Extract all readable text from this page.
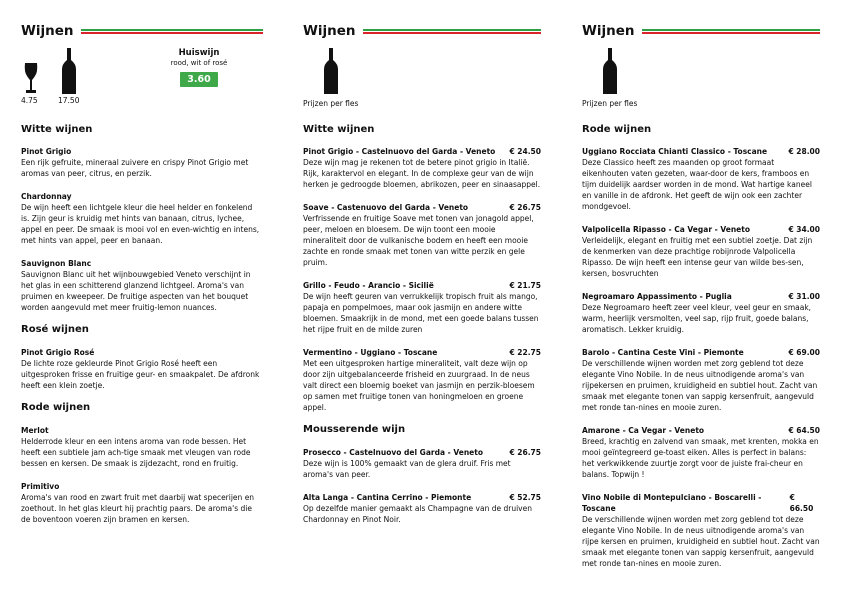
Wijnen
4.75	17.50
Huiswijn
rood, wit of rosé
3.60
Witte wijnen
Pinot Grigio
Een rijk gefruite, mineraal zuivere en crispy Pinot Grigio met aromas van peer, citrus, en perzik.
Chardonnay
De wijn heeft een lichtgele kleur die heel helder en fonkelend is. Zijn geur is kruidig met hints van banaan, citrus, lychee, appel en peer. De smaak is mooi vol en even-wichtig en intens, met hints van appel, peer en banaan.
Sauvignon Blanc
Sauvignon Blanc uit het wijnbouwgebied Veneto verschijnt in het glas in een schitterend glanzend lichtgeel. Aroma's van pruimen en kweepeer. De fruitige aspecten van het bouquet worden aangevuld met meer fruitig-lemon nuances.
Rosé wijnen
Pinot Grigio Rosé
De lichte roze gekleurde Pinot Grigio Rosé heeft een uitgesproken frisse en fruitige geur- en smaakpalet. De afdronk heeft een klein zoetje.
Rode wijnen
Merlot
Helderrode kleur en een intens aroma van rode bessen. Het heeft een subtiele jam ach-tige smaak met vleugen van rode bessen en kersen. De smaak is zijdezacht, rond en fruitig.
Primitivo
Aroma's van rood en zwart fruit met daarbij wat specerijen en zoethout. In het glas kleurt hij prachtig paars. De aroma's die de boventoon voeren zijn bramen en kersen.
Wijnen
Prijzen per fles
Witte wijnen
Pinot Grigio - Castelnuovo del Garda - Veneto € 24.50
Deze wijn mag je rekenen tot de betere pinot grigio in Italië. Rijk, karaktervol en elegant. In de complexe geur van de wijn herken je gedroogde bloemen, abrikozen, peer en sinaasappel.
Soave - Castenuovo del Garda - Veneto	€ 26.75
Verfrissende en fruitige Soave met tonen van jonagold appel, peer, meloen en bloesem. De wijn toont een mooie mineraliteit door de vulkanische bodem en heeft een mooie zachte en ronde smaak met tonen van witte perzik en gele pruim.
Grillo - Feudo - Arancio - Sicilië	€ 21.75
De wijn heeft geuren van verrukkelijk tropisch fruit als mango, papaja en pompelmoes, maar ook jasmijn en andere witte bloemen. Smaakrijk in de mond, met een goede balans tussen het rijpe fruit en de milde zuren
Vermentino - Uggiano - Toscane	€ 22.75
Met een uitgesproken hartige mineraliteit, valt deze wijn op door zijn uitgebalanceerde frisheid en zuurgraad. In de neus valt direct een bloemig boeket van jasmijn en perzik-bloesem op samen met fruitige tonen van honingmeloen en groene appel.
Mousserende wijn
Prosecco - Castelnuovo del Garda - Veneto	€ 26.75
Deze wijn is 100% gemaakt van de glera druif. Fris met aroma's van peer.
Alta Langa - Cantina Cerrino - Piemonte	€ 52.75
Op dezelfde manier gemaakt als Champagne van de druiven Chardonnay en Pinot Noir.
Wijnen
Prijzen per fles
Rode wijnen
Uggiano Rocciata Chianti Classico - Toscane	€ 28.00
Deze Classico heeft zes maanden op groot formaat eikenhouten vaten gezeten, waar-door de kers, framboos en tijm duidelijk aardser worden in de mond. Wat hartige kaneel en vanille in de afdronk. Het geeft de wijn ook een zachter mondgevoel.
Valpolicella Ripasso - Ca Vegar - Veneto	€ 34.00
Verleidelijk, elegant en fruitig met een subtiel zoetje. Dat zijn de kenmerken van deze prachtige robijnrode Valpolicella Ripasso. De wijn heeft een intense geur van wilde bes-sen, kersen, bosvruchten
Negroamaro Appassimento - Puglia	€ 31.00
Deze Negroamaro heeft zeer veel kleur, veel geur en smaak, warm, heerlijk versmolten, veel sap, rijp fruit, goede balans, aromatisch. Lekker kruidig.
Barolo - Cantina Ceste Vini - Piemonte	€ 69.00
De verschillende wijnen worden met zorg geblend tot deze elegante Vino Nobile. In de neus uitnodigende aroma's van rijpekersen en pruimen, kruidigheid en subtiel hout. Zacht van smaak met elegante tonen van sappig kersenfruit, aangevuld met ronde tan-nines en mooie zuren.
Amarone - Ca Vegar - Veneto	€ 64.50
Breed, krachtig en zalvend van smaak, met krenten, mokka en mooi geïntegreerd ge-toast eiken. Alles is perfect in balans: het verkwikkende zuurtje zorgt voor de juiste frai-cheur en balans. Topwijn !
Vino Nobile di Montepulciano - Boscarelli - Toscane
€ 66.50
De verschillende wijnen worden met zorg geblend tot deze elegante Vino Nobile. In de neus uitnodigende aroma's van rijpe kersen en pruimen, kruidigheid en subtiel hout. Zacht van smaak met elegante tonen van sappig kersenfruit, aangevuld met ronde tan-nines en mooie zuren.
